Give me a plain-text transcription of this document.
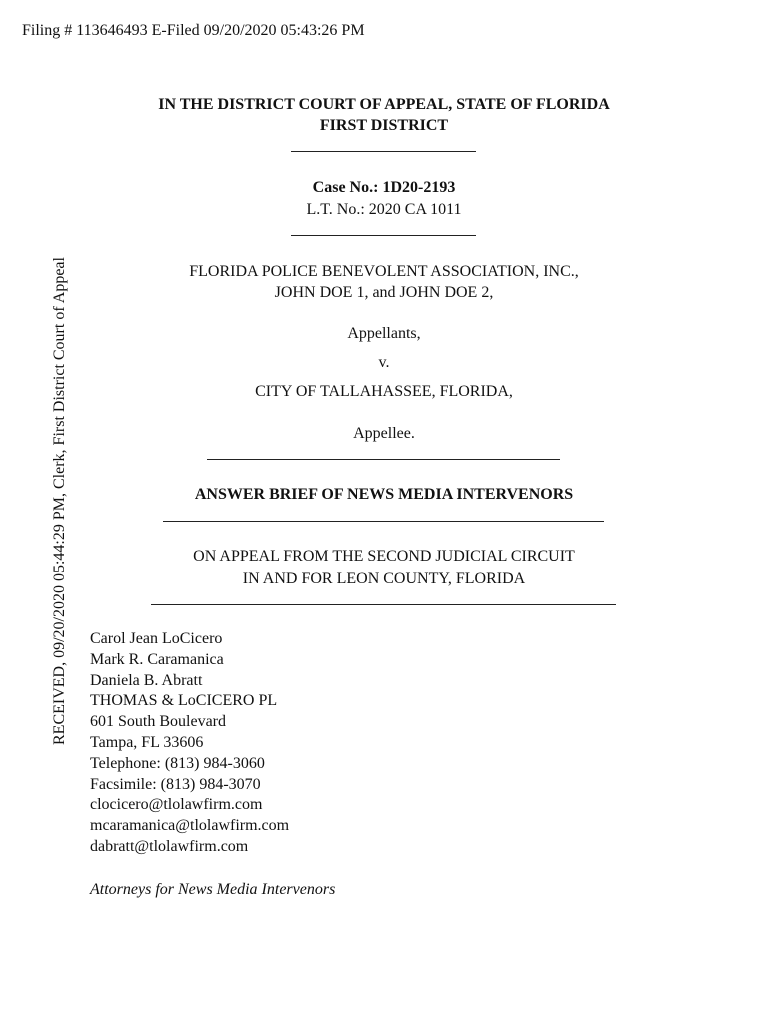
Filing # 113646493 E-Filed 09/20/2020 05:43:26 PM
RECEIVED, 09/20/2020 05:44:29 PM, Clerk, First District Court of Appeal
IN THE DISTRICT COURT OF APPEAL, STATE OF FLORIDA
FIRST DISTRICT
Case No.: 1D20-2193
L.T. No.: 2020 CA 1011
FLORIDA POLICE BENEVOLENT ASSOCIATION, INC.,
JOHN DOE 1, and JOHN DOE 2,
Appellants,
v.
CITY OF TALLAHASSEE, FLORIDA,
Appellee.
ANSWER BRIEF OF NEWS MEDIA INTERVENORS
ON APPEAL FROM THE SECOND JUDICIAL CIRCUIT
IN AND FOR LEON COUNTY, FLORIDA
Carol Jean LoCicero
Mark R. Caramanica
Daniela B. Abratt
THOMAS & LoCICERO PL
601 South Boulevard
Tampa, FL 33606
Telephone: (813) 984-3060
Facsimile: (813) 984-3070
clocicero@tlolawfirm.com
mcaramanica@tlolawfirm.com
dabratt@tlolawfirm.com
Attorneys for News Media Intervenors
